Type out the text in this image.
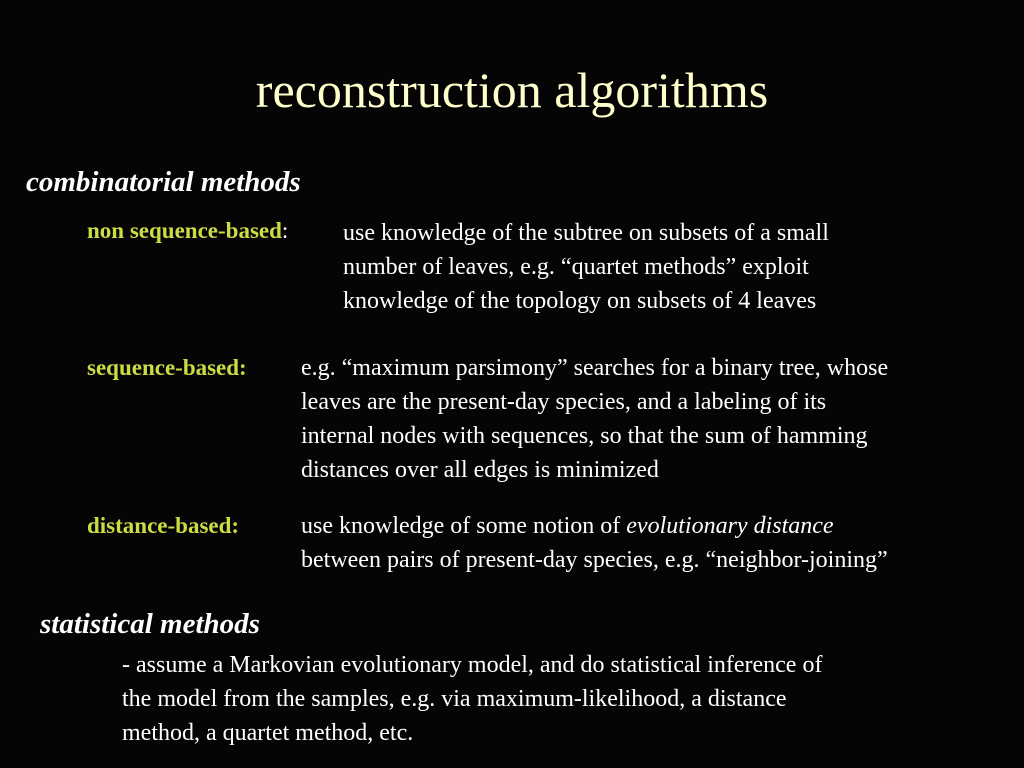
reconstruction algorithms
combinatorial methods
non sequence-based: use knowledge of the subtree on subsets of a small
number of leaves, e.g. “quartet methods” exploit
knowledge of the topology on subsets of 4 leaves
sequence-based: e.g. “maximum parsimony” searches for a binary tree, whose
leaves are the present-day species, and a labeling of its
internal nodes with sequences, so that the sum of hamming
distances over all edges is minimized
distance-based:	use knowledge of some notion of evolutionary distance
between pairs of present-day species, e.g. “neighbor-joining”
statistical methods
- assume a Markovian evolutionary model, and do statistical inference of
the model from the samples, e.g. via maximum-likelihood, a distance
method, a quartet method, etc.
